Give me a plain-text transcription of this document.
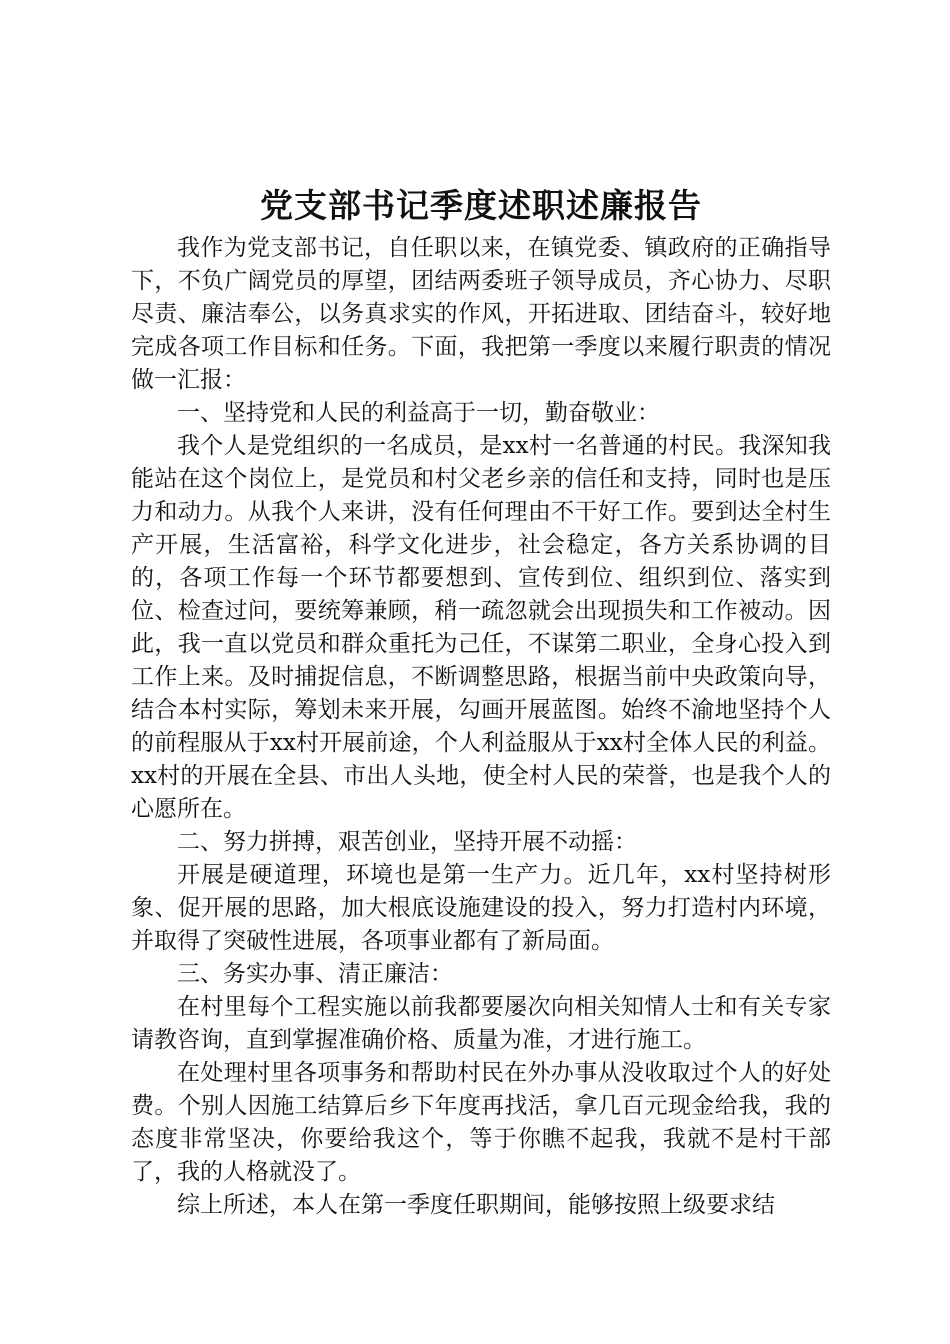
党支部书记季度述职述廉报告

我作为党支部书记，自任职以来，在镇党委、镇政府的正确指导下，不负广阔党员的厚望，团结两委班子领导成员，齐心协力、尽职尽责、廉洁奉公，以务真求实的作风，开拓进取、团结奋斗，较好地完成各项工作目标和任务。下面，我把第一季度以来履行职责的情况做一汇报：

一、坚持党和人民的利益高于一切，勤奋敬业：

我个人是党组织的一名成员，是xx村一名普通的村民。我深知我能站在这个岗位上，是党员和村父老乡亲的信任和支持，同时也是压力和动力。从我个人来讲，没有任何理由不干好工作。要到达全村生产开展，生活富裕，科学文化进步，社会稳定，各方关系协调的目的，各项工作每一个环节都要想到、宣传到位、组织到位、落实到位、检查过问，要统筹兼顾，稍一疏忽就会出现损失和工作被动。因此，我一直以党员和群众重托为己任，不谋第二职业，全身心投入到工作上来。及时捕捉信息，不断调整思路，根据当前中央政策向导，结合本村实际，筹划未来开展，勾画开展蓝图。始终不渝地坚持个人的前程服从于xx村开展前途，个人利益服从于xx村全体人民的利益。xx村的开展在全县、市出人头地，使全村人民的荣誉，也是我个人的心愿所在。

二、努力拼搏，艰苦创业，坚持开展不动摇：

开展是硬道理，环境也是第一生产力。近几年，xx村坚持树形象、促开展的思路，加大根底设施建设的投入，努力打造村内环境，并取得了突破性进展，各项事业都有了新局面。

三、务实办事、清正廉洁：

在村里每个工程实施以前我都要屡次向相关知情人士和有关专家请教咨询，直到掌握准确价格、质量为准，才进行施工。

在处理村里各项事务和帮助村民在外办事从没收取过个人的好处费。个别人因施工结算后乡下年度再找活，拿几百元现金给我，我的态度非常坚决，你要给我这个，等于你瞧不起我，我就不是村干部了，我的人格就没了。

综上所述，本人在第一季度任职期间，能够按照上级要求结
